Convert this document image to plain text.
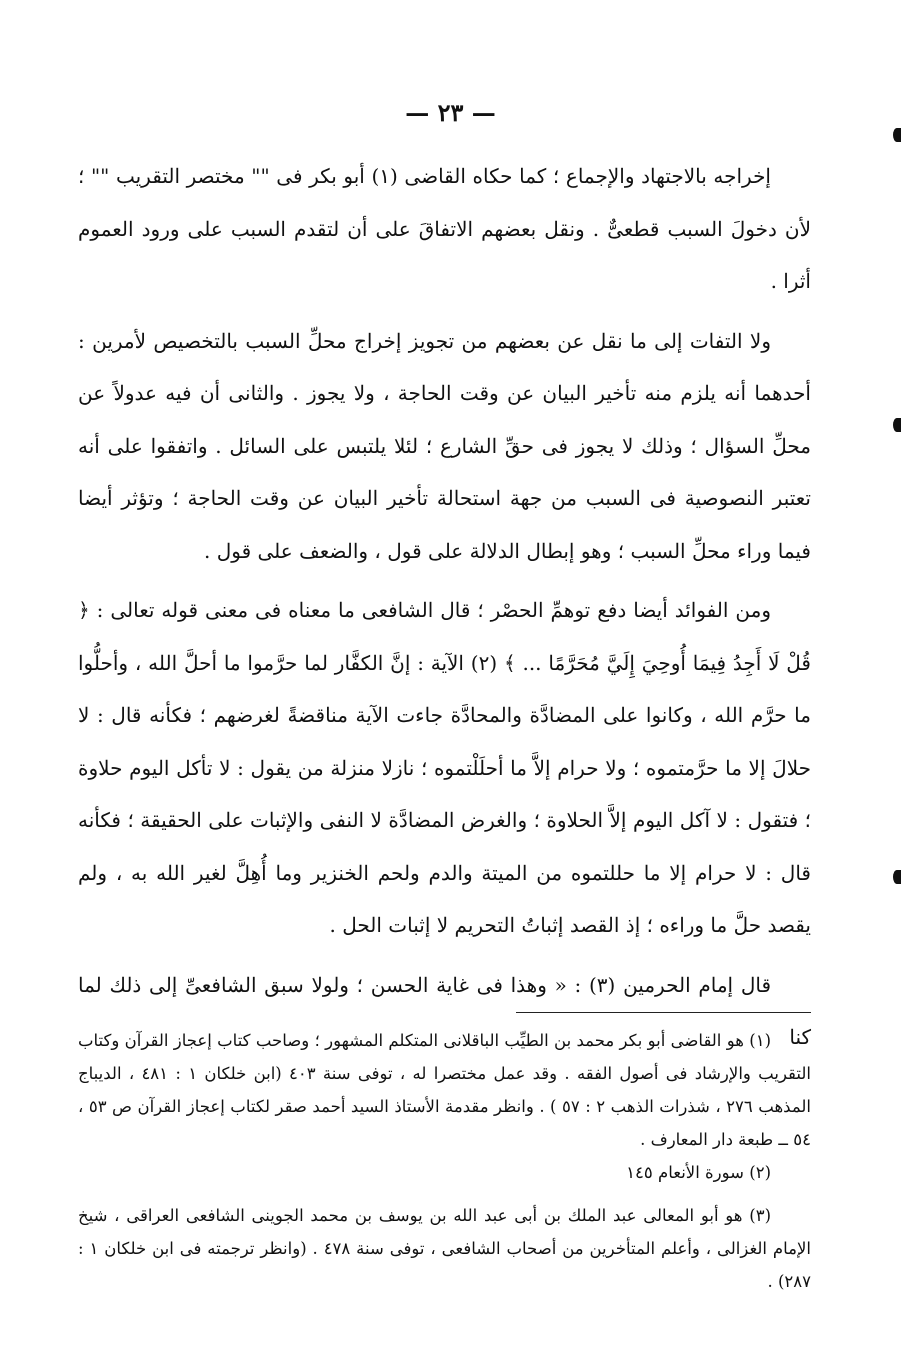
— ٢٣ —

إخراجه بالاجتهاد والإجماع ؛ كما حكاه القاضى (١) أبو بكر فى "" مختصر التقريب "" ؛ لأن دخولَ السبب قطعىٌّ . ونقل بعضهم الاتفاقَ على أن لتقدم السبب على ورود العموم أثرا .

ولا التفات إلى ما نقل عن بعضهم من تجويز إخراج محلِّ السبب بالتخصيص لأمرين : أحدهما أنه يلزم منه تأخير البيان عن وقت الحاجة ، ولا يجوز . والثانى أن فيه عدولاً عن محلِّ السؤال ؛ وذلك لا يجوز فى حقِّ الشارع ؛ لئلا يلتبس على السائل . واتفقوا على أنه تعتبر النصوصية فى السبب من جهة استحالة تأخير البيان عن وقت الحاجة ؛ وتؤثر أيضا فيما وراء محلِّ السبب ؛ وهو إبطال الدلالة على قول ، والضعف على قول .

ومن الفوائد أيضا دفع توهمِّ الحصْر ؛ قال الشافعى ما معناه فى معنى قوله تعالى : ﴿ قُلْ لَا أَجِدُ فِيمَا أُوحِيَ إِلَيَّ مُحَرَّمًا ... ﴾ (٢) الآية : إنَّ الكفَّار لما حرَّموا ما أحلَّ الله ، وأحلُّوا ما حرَّم الله ، وكانوا على المضادَّة والمحادَّة جاءت الآية مناقضةً لغرضهم ؛ فكأنه قال : لا حلالَ إلا ما حرَّمتموه ؛ ولا حرام إلاَّ ما أحلَلْتموه ؛ نازلا منزلة من يقول : لا تأكل اليوم حلاوة ؛ فتقول : لا آكل اليوم إلاَّ الحلاوة ؛ والغرض المضادَّة لا النفى والإثبات على الحقيقة ؛ فكأنه قال : لا حرام إلا ما حللتموه من الميتة والدم ولحم الخنزير وما أُهِلَّ لغير الله به ، ولم يقصد حلَّ ما وراءه ؛ إذ القصد إثباتُ التحريم لا إثبات الحل .

قال إمام الحرمين (٣) : « وهذا فى غاية الحسن ؛ ولولا سبق الشافعىِّ إلى ذلك لما كنا

(١) هو القاضى أبو بكر محمد بن الطيِّب الباقلانى المتكلم المشهور ؛ وصاحب كتاب إعجاز القرآن وكتاب التقريب والإرشاد فى أصول الفقه . وقد عمل مختصرا له ، توفى سنة ٤٠٣ (ابن خلكان ١ : ٤٨١ ، الديباج المذهب ٢٧٦ ، شذرات الذهب ٢ : ٥٧ ) . وانظر مقدمة الأستاذ السيد أحمد صقر لكتاب إعجاز القرآن ص ٥٣ ، ٥٤ ــ طبعة دار المعارف .

(٢) سورة الأنعام ١٤٥

(٣) هو أبو المعالى عبد الملك بن أبى عبد الله بن يوسف بن محمد الجوينى الشافعى العراقى ، شيخ الإمام الغزالى ، وأعلم المتأخرين من أصحاب الشافعى ، توفى سنة ٤٧٨ . (وانظر ترجمته فى ابن خلكان ١ : ٢٨٧) .
